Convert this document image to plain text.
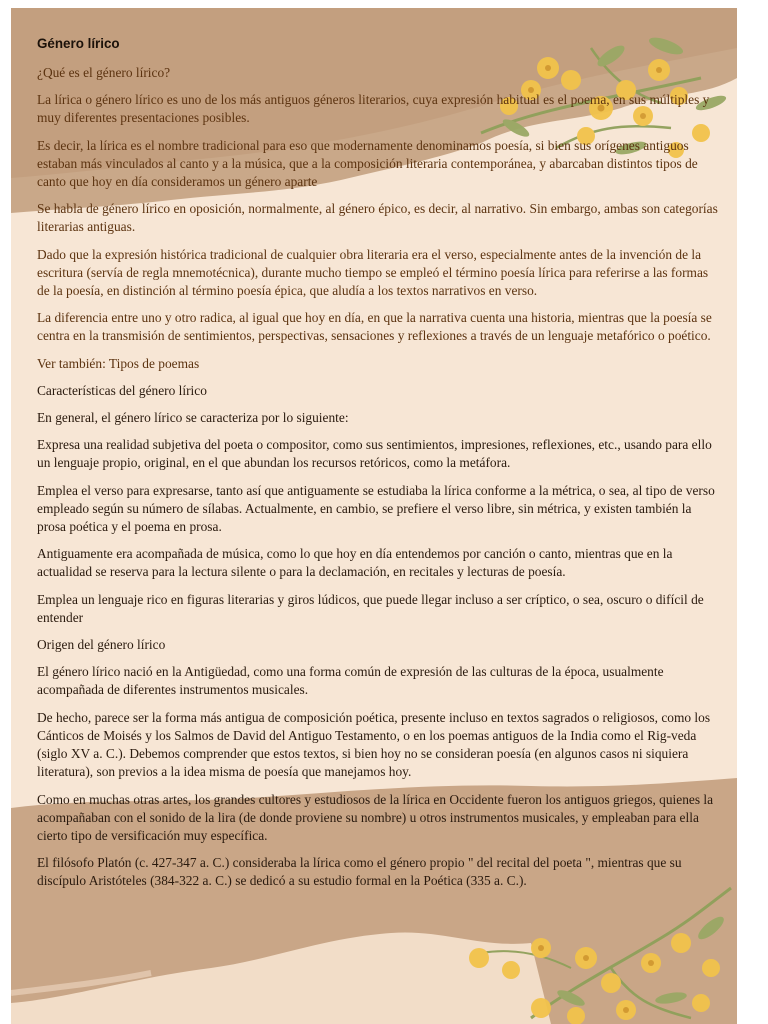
Género lírico

¿Qué es el género lírico?

La lírica o género lírico es uno de los más antiguos géneros literarios, cuya expresión habitual es el poema, en sus múltiples y muy diferentes presentaciones posibles.

Es decir, la lírica es el nombre tradicional para eso que modernamente denominamos poesía, si bien sus orígenes antiguos estaban más vinculados al canto y a la música, que a la composición literaria contemporánea, y abarcaban distintos tipos de canto que hoy en día consideramos un género aparte

Se habla de género lírico en oposición, normalmente, al género épico, es decir, al narrativo. Sin embargo, ambas son categorías literarias antiguas.

Dado que la expresión histórica tradicional de cualquier obra literaria era el verso, especialmente antes de la invención de la escritura (servía de regla mnemotécnica), durante mucho tiempo se empleó el término poesía lírica para referirse a las formas de la poesía, en distinción al término poesía épica, que aludía a los textos narrativos en verso.

La diferencia entre uno y otro radica, al igual que hoy en día, en que la narrativa cuenta una historia, mientras que la poesía se centra en la transmisión de sentimientos, perspectivas, sensaciones y reflexiones a través de un lenguaje metafórico o poético.

Ver también: Tipos de poemas

Características del género lírico

En general, el género lírico se caracteriza por lo siguiente:

Expresa una realidad subjetiva del poeta o compositor, como sus sentimientos, impresiones, reflexiones, etc., usando para ello un lenguaje propio, original, en el que abundan los recursos retóricos, como la metáfora.

Emplea el verso para expresarse, tanto así que antiguamente se estudiaba la lírica conforme a la métrica, o sea, al tipo de verso empleado según su número de sílabas. Actualmente, en cambio, se prefiere el verso libre, sin métrica, y existen también la prosa poética y el poema en prosa.

Antiguamente era acompañada de música, como lo que hoy en día entendemos por canción o canto, mientras que en la actualidad se reserva para la lectura silente o para la declamación, en recitales y lecturas de poesía.

Emplea un lenguaje rico en figuras literarias y giros lúdicos, que puede llegar incluso a ser críptico, o sea, oscuro o difícil de entender

Origen del género lírico

El género lírico nació en la Antigüedad, como una forma común de expresión de las culturas de la época, usualmente acompañada de diferentes instrumentos musicales.

De hecho, parece ser la forma más antigua de composición poética, presente incluso en textos sagrados o religiosos, como los Cánticos de Moisés y los Salmos de David del Antiguo Testamento, o en los poemas antiguos de la India como el Rig-veda (siglo XV a. C.). Debemos comprender que estos textos, si bien hoy no se consideran poesía (en algunos casos ni siquiera literatura), son previos a la idea misma de poesía que manejamos hoy.

Como en muchas otras artes, los grandes cultores y estudiosos de la lírica en Occidente fueron los antiguos griegos, quienes la acompañaban con el sonido de la lira (de donde proviene su nombre) u otros instrumentos musicales, y empleaban para ella cierto tipo de versificación muy específica.

El filósofo Platón (c. 427-347 a. C.) consideraba la lírica como el género propio " del recital del poeta ", mientras que su discípulo Aristóteles (384-322 a. C.) se dedicó a su estudio formal en la Poética (335 a. C.).
